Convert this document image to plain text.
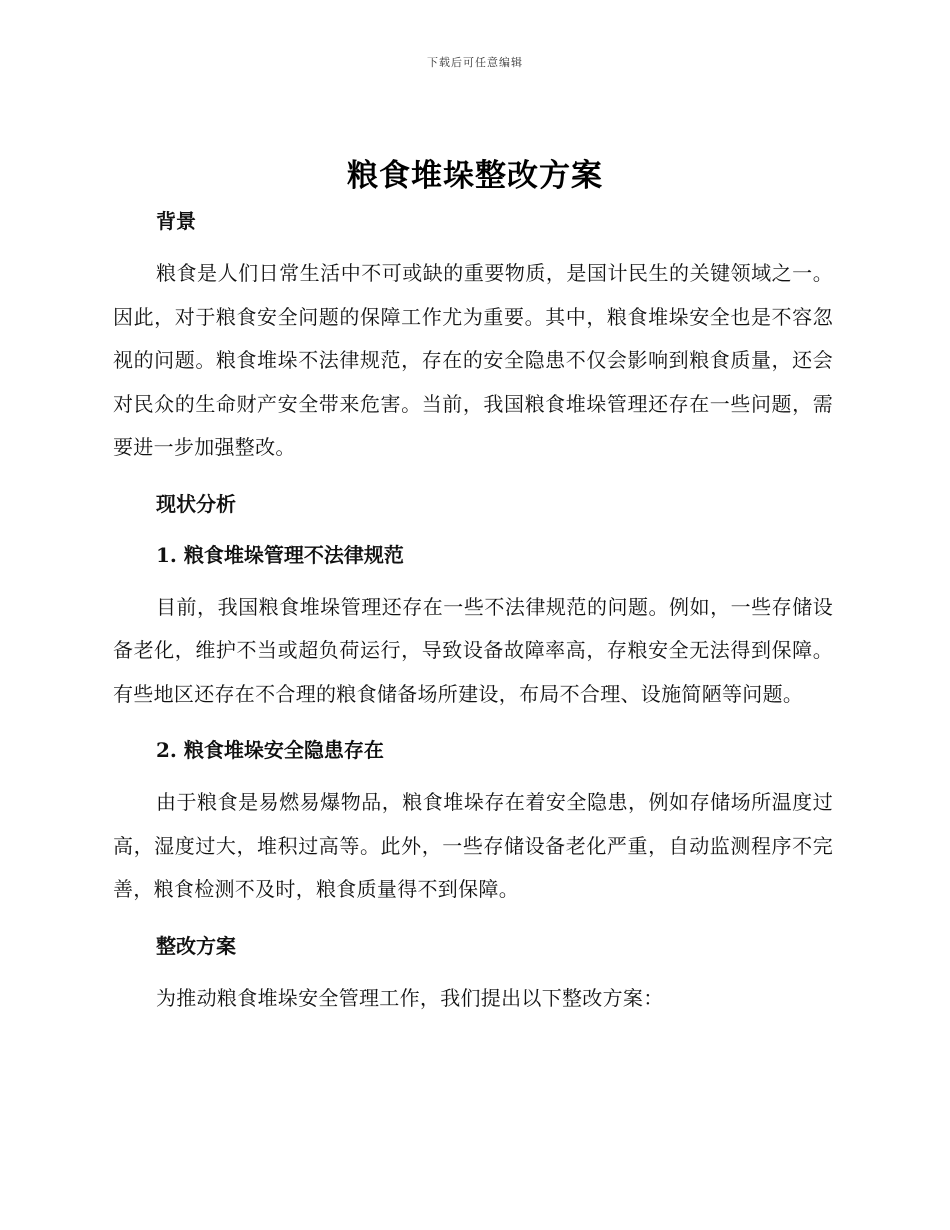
下载后可任意编辑
粮食堆垛整改方案
背景

粮食是人们日常生活中不可或缺的重要物质，是国计民生的关键领域之一。因此，对于粮食安全问题的保障工作尤为重要。其中，粮食堆垛安全也是不容忽视的问题。粮食堆垛不法律规范，存在的安全隐患不仅会影响到粮食质量，还会对民众的生命财产安全带来危害。当前，我国粮食堆垛管理还存在一些问题，需要进一步加强整改。

现状分析
1. 粮食堆垛管理不法律规范

目前，我国粮食堆垛管理还存在一些不法律规范的问题。例如，一些存储设备老化，维护不当或超负荷运行，导致设备故障率高，存粮安全无法得到保障。有些地区还存在不合理的粮食储备场所建设，布局不合理、设施简陋等问题。

2. 粮食堆垛安全隐患存在

由于粮食是易燃易爆物品，粮食堆垛存在着安全隐患，例如存储场所温度过高，湿度过大，堆积过高等。此外，一些存储设备老化严重，自动监测程序不完善，粮食检测不及时，粮食质量得不到保障。

整改方案

为推动粮食堆垛安全管理工作，我们提出以下整改方案：
